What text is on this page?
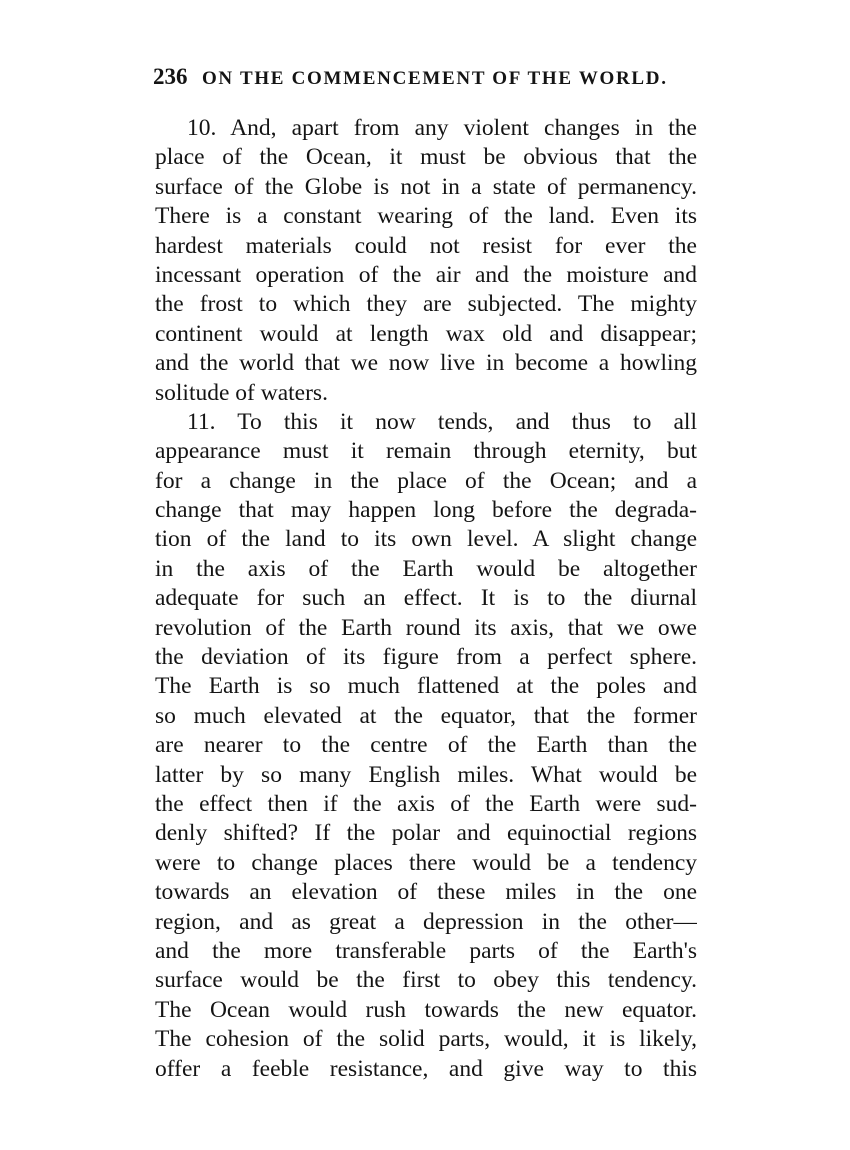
236 ON THE COMMENCEMENT OF THE WORLD.
10. And, apart from any violent changes in the
place of the Ocean, it must be obvious that the
surface of the Globe is not in a state of permanency.
There is a constant wearing of the land. Even its
hardest materials could not resist for ever the
incessant operation of the air and the moisture and
the frost to which they are subjected. The mighty
continent would at length wax old and disappear;
and the world that we now live in become a howling
solitude of waters.
11. To this it now tends, and thus to all
appearance must it remain through eternity, but
for a change in the place of the Ocean; and a
change that may happen long before the degrada-
tion of the land to its own level. A slight change
in the axis of the Earth would be altogether
adequate for such an effect. It is to the diurnal
revolution of the Earth round its axis, that we owe
the deviation of its figure from a perfect sphere.
The Earth is so much flattened at the poles and
so much elevated at the equator, that the former
are nearer to the centre of the Earth than the
latter by so many English miles. What would be
the effect then if the axis of the Earth were sud-
denly shifted? If the polar and equinoctial regions
were to change places there would be a tendency
towards an elevation of these miles in the one
region, and as great a depression in the other—
and the more transferable parts of the Earth's
surface would be the first to obey this tendency.
The Ocean would rush towards the new equator.
The cohesion of the solid parts, would, it is likely,
offer a feeble resistance, and give way to this
